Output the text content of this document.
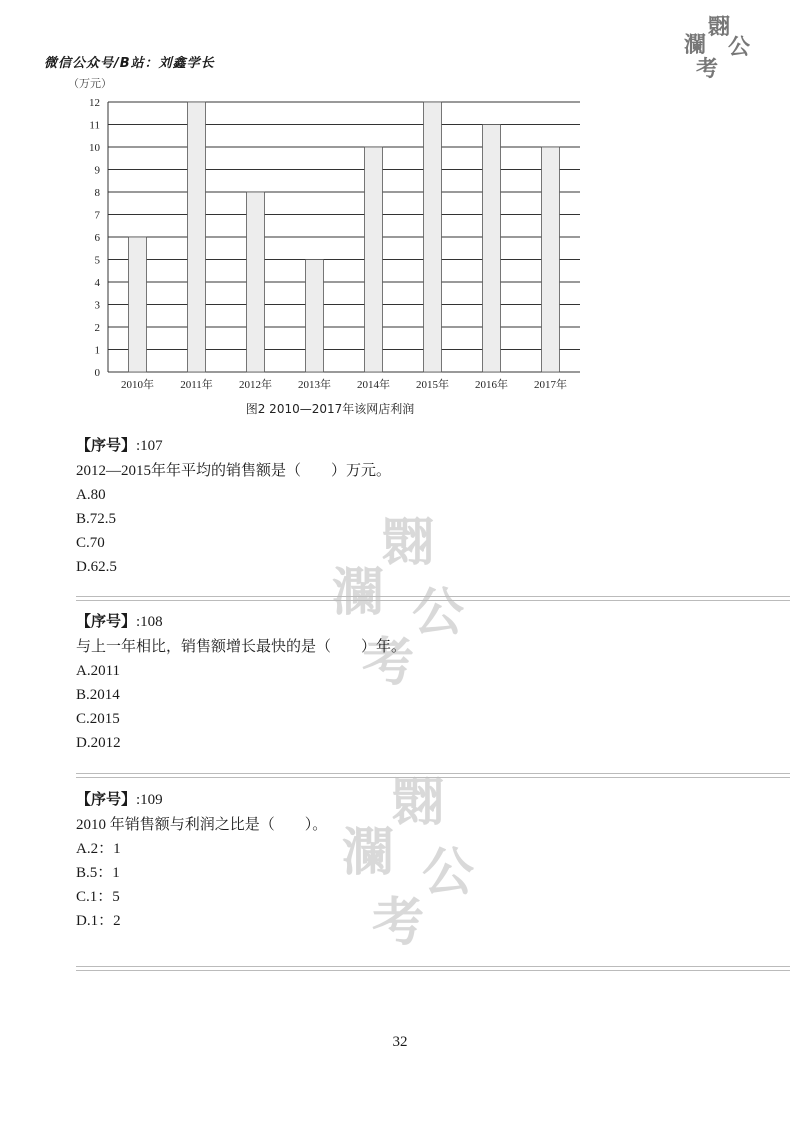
微信公众号/B站：刘鑫学长
瀾
翾
公
考
翾
瀾 公
考
翾
瀾 公
考
0
1
2
3
4
5
6
7
8
9
10
11
12
2010年 2011年 2012年 2013年 2014年 2015年 2016年 2017年
（万元）
图2 2010—2017年该网店利润
【序号】:107
2012—2015年年平均的销售额是（　　）万元。
A.80
B.72.5
C.70
D.62.5
【序号】:108
与上一年相比，销售额增长最快的是（　　）年。
A.2011
B.2014
C.2015
D.2012
【序号】:109
2010 年销售额与利润之比是（　　）。
A.2：1
B.5：1
C.1：5
D.1：2
32
